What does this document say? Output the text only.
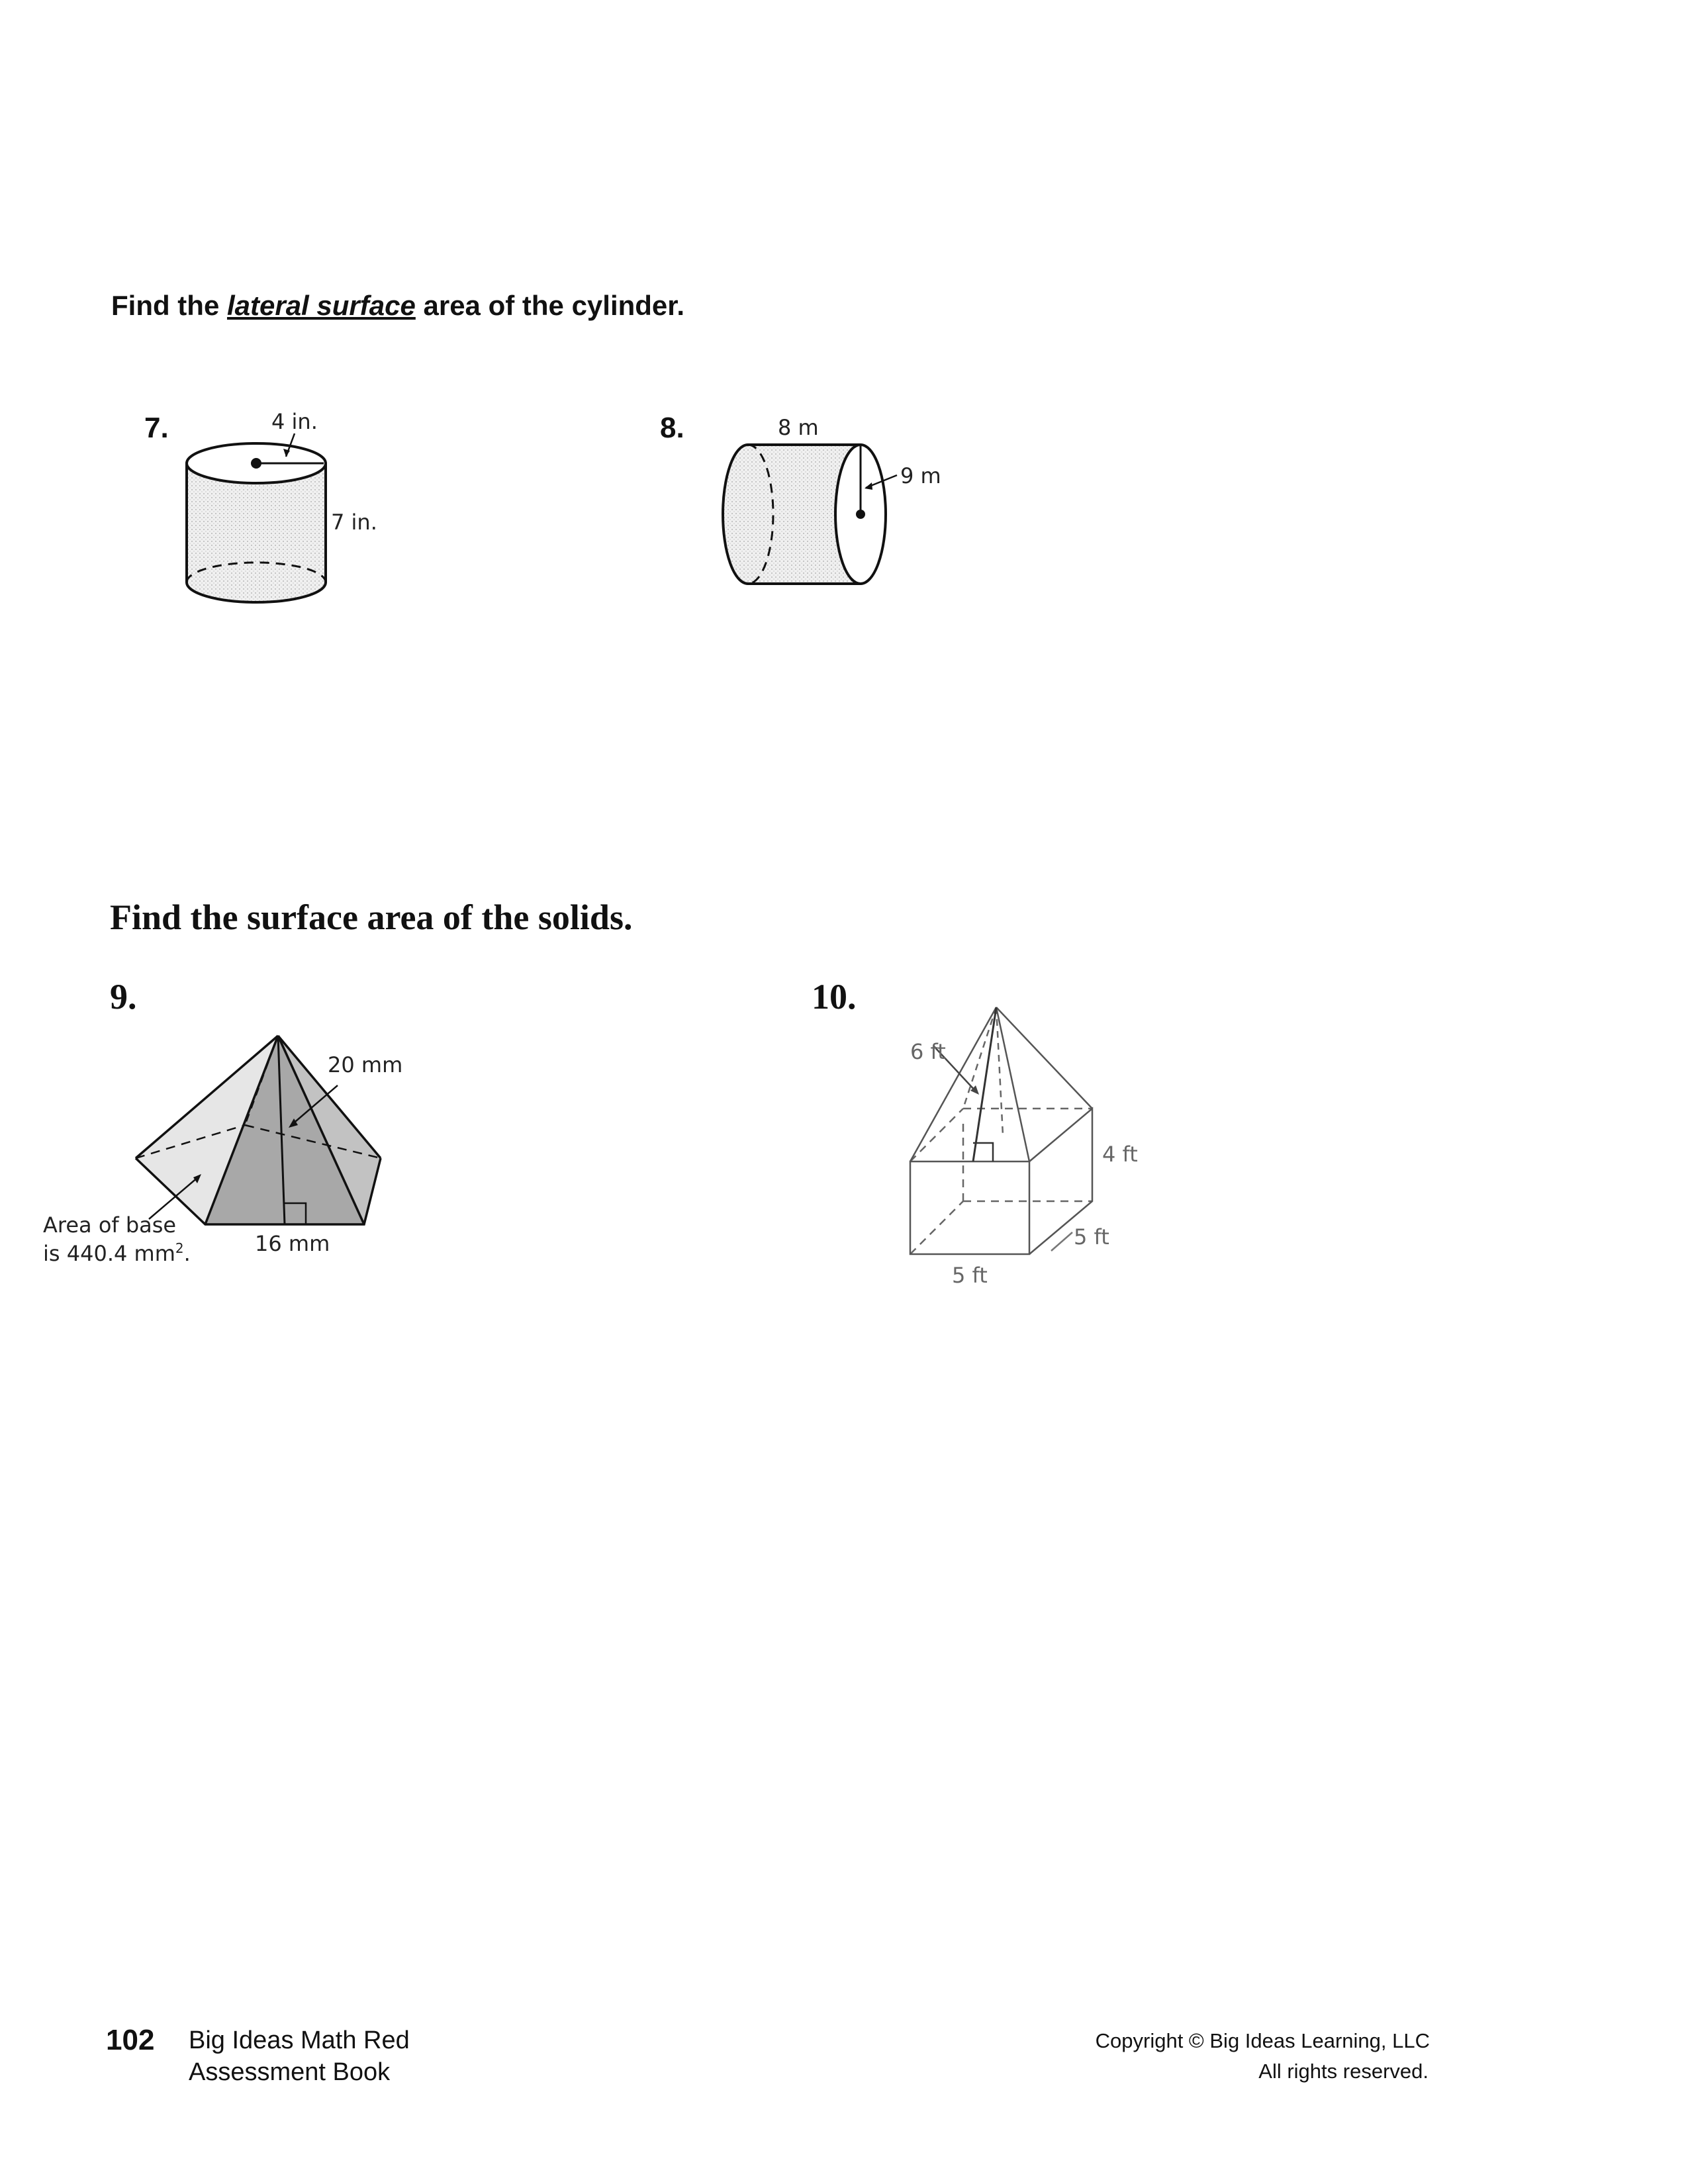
Find the lateral surface area of the cylinder.
7.	8.
Find the surface area of the solids.
9.	10.
4 in.
7 in.
8 m
9 m
20 mm
16 mm
Area of base
is 440.4 $mm^2$.
6 ft
4 ft
5 ft
5 ft
102 Big Ideas Math Red
Assessment Book
Copyright © Big Ideas Learning, LLC
All rights reserved.
